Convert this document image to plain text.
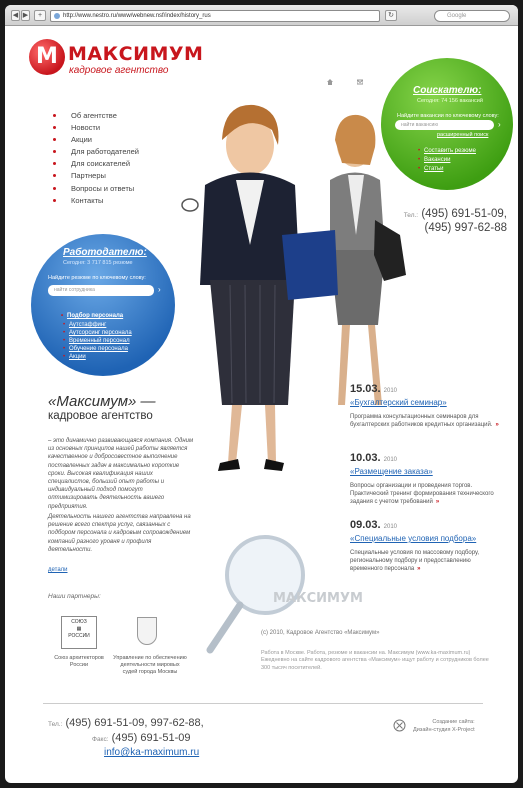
◀ ▶	+	http://www.nestro.ru/www/webnew.nsf/index/history_rus	↻	Google
M МАКСИМУМ
кадровое агентство
Об агентстве
Новости
Акции
Для работодателей
Для соискателей
Партнеры
Вопросы и ответы
Контакты
Соискателю:
Сегодня: 74 156 вакансий
Найдите вакансии по ключевому слову:
найти вакансию	›
расширенный поиск
• Составить резюме
• Вакансии
• Статьи
Тел.: (495) 691-51-09,
(495) 997-62-88
Работодателю:
Сегодня: 3 717 815 резюме
Найдите резюме по ключевому слову:
найти сотрудника	›
• Подбор персонала
• Аутстаффинг
• Аутсорсинг персонала
• Временный персонал
• Обучение персонала
• Акции
«Максимум» —
кадровое агентство
– это динамично развивающаяся компания. Одним из основных принципов нашей работы является качественное и добросовестное выполнение поставленных задач в максимально короткие сроки. Высокая квалификация наших специалистов, больший опыт работы и индивидуальный подход помогут оптимизировать деятельность вашего предприятия.
Деятельность нашего агентства направлена на решение всего спектра услуг, связанных с подбором персонала и кадровым сопровождением компаний разного уровня и профиля деятельности.
детали
Наши партнеры:
СОЮЗ
▦
РОССИИ
Союз архитекторов России
Управление по обеспечению деятельности мировых судей города Москвы
МАКСИМУМ
15.03. 2010
«Бухгалтерский семинар»
Программа консультационных семинаров для бухгалтерских работников кредитных организаций. »
10.03. 2010
«Размещение заказа»
Вопросы организации и проведения торгов. Практический тренинг формирования технического задания с учетом требований »
09.03. 2010
«Специальные условия подбора»
Специальные условия по массовому подбору, региональному подбору и предоставлению временного персонала »
(с) 2010, Кадровое Агентство «Максимум»
Работа в Москве. Работа, резюме и вакансии на. Максимум (www.ka-maximum.ru) Ежедневно на сайте кадрового агентства «Максимум» ищут работу и сотрудников более 300 тысяч посетителей.
Тел.: (495) 691-51-09, 997-62-88,
Факс: (495) 691-51-09
info@ka-maximum.ru
Создание сайта:
Дизайн-студия X-Project
